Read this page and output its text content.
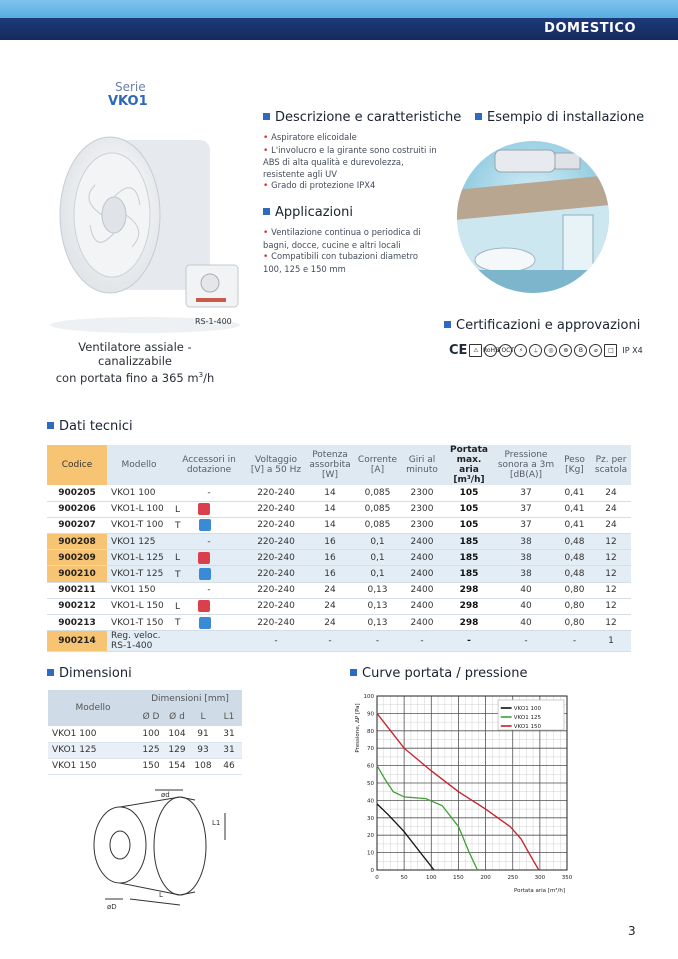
DOMESTICO
Serie
VKO1
RS-1-400
Ventilatore assiale - canalizzabile
con portata fino a 365 $m^3/h$
Descrizione e caratteristiche
• Aspiratore elicoidale
• L'involucro e la girante sono costruiti in ABS di alta qualità e durevolezza, resistente agli UV
• Grado di protezione IPX4
Applicazioni
• Ventilazione continua o periodica di bagni, docce, cucine e altri locali
• Compatibili con tubazioni diametro 100, 125 e 150 mm
Esempio di installazione
Certificazioni e approvazioni
CE ⚠ RoHS
ГОСТ ⚡	⏚	◎	⊛	B	⌀	□	IP X4
Dati tecnici
Codice	Modello	Accessori in dotazione	Voltaggio [V] a 50 Hz	Potenza assorbita [W]	Corrente [A]	Giri al minuto	Portata max. aria [m³/h]	Pressione sonora a 3m [dB(A)]	Peso [Kg]	Pz. per scatola
900205	VKO1 100	-	220-240	14	0,085	2300	105	37	0,41	24
900206	VKO1-L 100	L	220-240	14	0,085	2300	105	37	0,41	24
900207	VKO1-T 100	T	220-240	14	0,085	2300	105	37	0,41	24
900208	VKO1 125	-	220-240	16	0,1	2400	185	38	0,48	12
900209	VKO1-L 125	L	220-240	16	0,1	2400	185	38	0,48	12
900210	VKO1-T 125	T	220-240	16	0,1	2400	185	38	0,48	12
900211	VKO1 150	-	220-240	24	0,13	2400	298	40	0,80	12
900212	VKO1-L 150	L	220-240	24	0,13	2400	298	40	0,80	12
900213	VKO1-T 150	T	220-240	24	0,13	2400	298	40	0,80	12
900214	Reg. veloc. RS-1-400		-	-	-	-	-	-	-	1
Dimensioni
Modello	Dimensioni [mm]			
	Ø D	Ø d	L	L1
VKO1 100	100	104	91	31
VKO1 125	125	129	93	31
VKO1 150	150	154	108	46
ød
L1
øD
L
Curve portata / pressione
0	50	100	150	200	250	300	350
0
10
20
30
40
50
60
70
80
90
100
Portata aria [m³/h]
Pressione, ΔP [Pa]	VKO1 100
VKO1 125
VKO1 150
3
